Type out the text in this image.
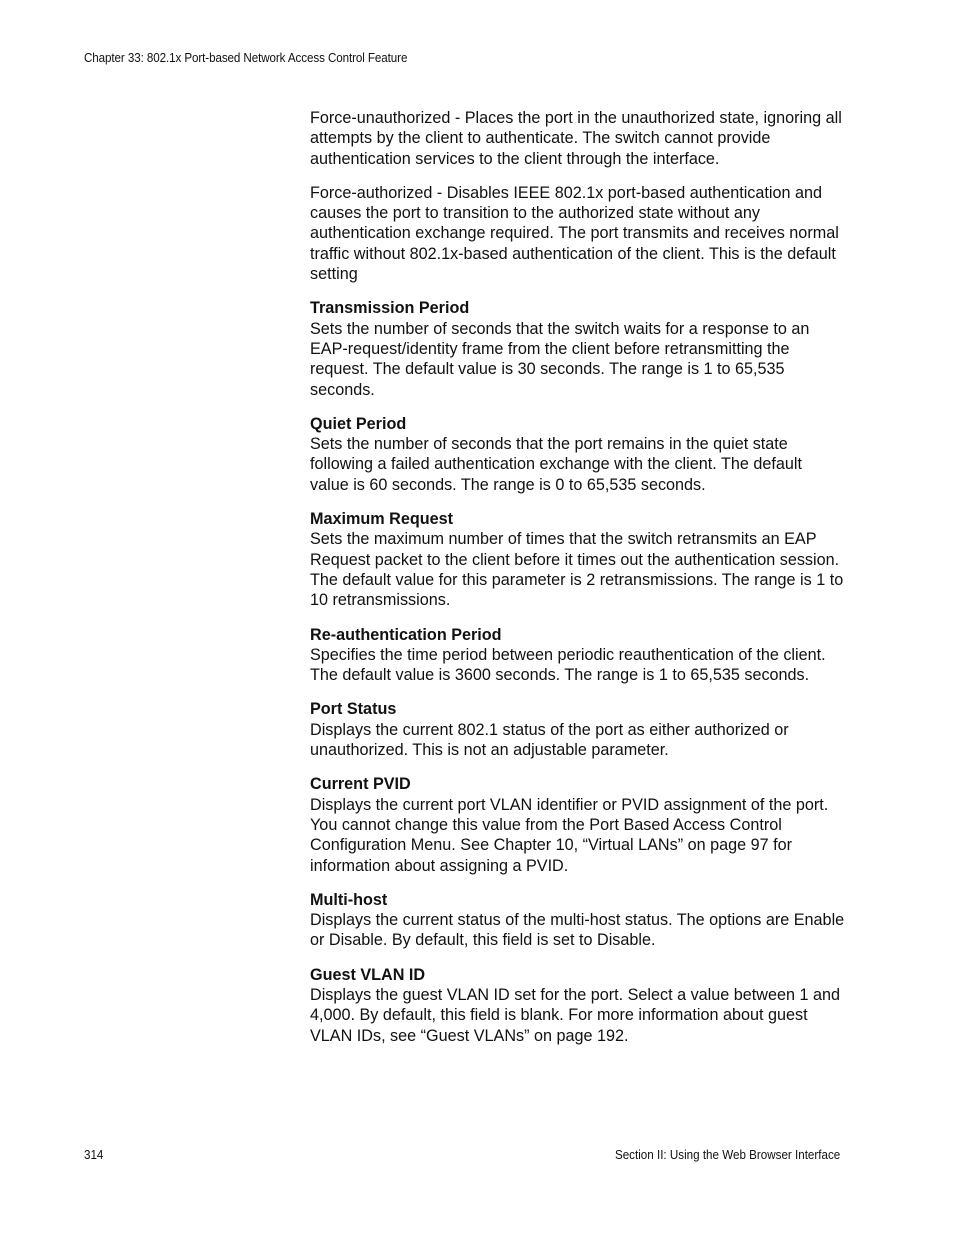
Chapter 33: 802.1x Port-based Network Access Control Feature

Force-unauthorized - Places the port in the unauthorized state, ignoring all attempts by the client to authenticate. The switch cannot provide authentication services to the client through the interface.

Force-authorized - Disables IEEE 802.1x port-based authentication and causes the port to transition to the authorized state without any authentication exchange required. The port transmits and receives normal traffic without 802.1x-based authentication of the client. This is the default setting

Transmission Period

Sets the number of seconds that the switch waits for a response to an EAP-request/identity frame from the client before retransmitting the request. The default value is 30 seconds. The range is 1 to 65,535 seconds.

Quiet Period

Sets the number of seconds that the port remains in the quiet state following a failed authentication exchange with the client. The default value is 60 seconds. The range is 0 to 65,535 seconds.

Maximum Request

Sets the maximum number of times that the switch retransmits an EAP Request packet to the client before it times out the authentication session. The default value for this parameter is 2 retransmissions. The range is 1 to 10 retransmissions.

Re-authentication Period

Specifies the time period between periodic reauthentication of the client. The default value is 3600 seconds. The range is 1 to 65,535 seconds.

Port Status

Displays the current 802.1 status of the port as either authorized or unauthorized. This is not an adjustable parameter.

Current PVID

Displays the current port VLAN identifier or PVID assignment of the port. You cannot change this value from the Port Based Access Control Configuration Menu. See Chapter 10, “Virtual LANs” on page 97 for information about assigning a PVID.

Multi-host

Displays the current status of the multi-host status. The options are Enable or Disable. By default, this field is set to Disable.

Guest VLAN ID

Displays the guest VLAN ID set for the port. Select a value between 1 and 4,000. By default, this field is blank. For more information about guest VLAN IDs, see “Guest VLANs” on page 192.

314	Section II: Using the Web Browser Interface
